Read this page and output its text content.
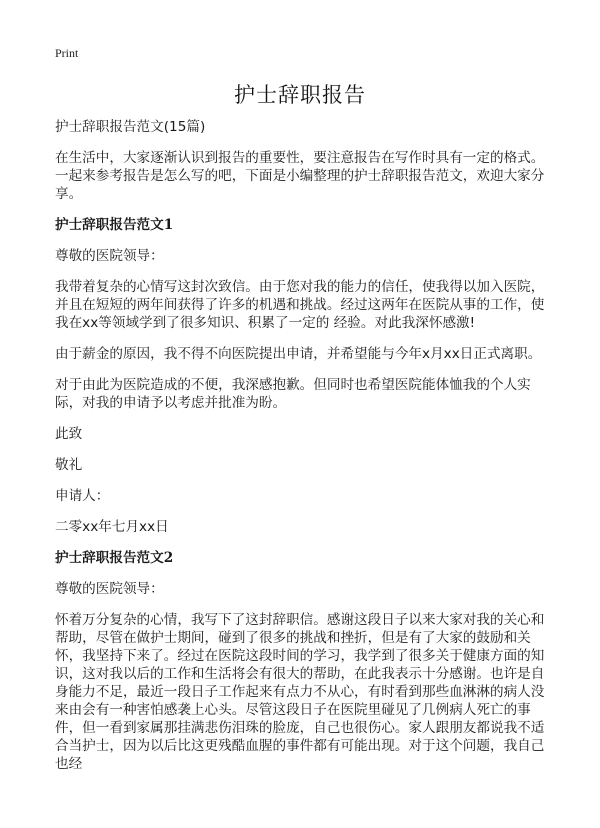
Print
护士辞职报告

护士辞职报告范文(15篇)

在生活中，大家逐渐认识到报告的重要性，要注意报告在写作时具有一定的格式。一起来参考报告是怎么写的吧，下面是小编整理的护士辞职报告范文，欢迎大家分享。

护士辞职报告范文1

尊敬的医院领导：

我带着复杂的心情写这封次致信。由于您对我的能力的信任，使我得以加入医院，并且在短短的两年间获得了许多的机遇和挑战。经过这两年在医院从事的工作，使我在xx等领域学到了很多知识、积累了一定的 经验。对此我深怀感激!

由于薪金的原因，我不得不向医院提出申请，并希望能与今年x月xx日正式离职。

对于由此为医院造成的不便，我深感抱歉。但同时也希望医院能体恤我的个人实际，对我的申请予以考虑并批准为盼。

此致

敬礼

申请人：

二零xx年七月xx日

护士辞职报告范文2

尊敬的医院领导：

怀着万分复杂的心情，我写下了这封辞职信。感谢这段日子以来大家对我的关心和帮助，尽管在做护士期间，碰到了很多的挑战和挫折，但是有了大家的鼓励和关怀，我坚持下来了。经过在医院这段时间的学习，我学到了很多关于健康方面的知识，这对我以后的工作和生活将会有很大的帮助，在此我表示十分感谢。也许是自身能力不足，最近一段日子工作起来有点力不从心，有时看到那些血淋淋的病人没来由会有一种害怕感袭上心头。尽管这段日子在医院里碰见了几例病人死亡的事件，但一看到家属那挂满悲伤泪珠的脸庞，自己也很伤心。家人跟朋友都说我不适合当护士，因为以后比这更残酷血腥的事件都有可能出现。对于这个问题，我自己也经
